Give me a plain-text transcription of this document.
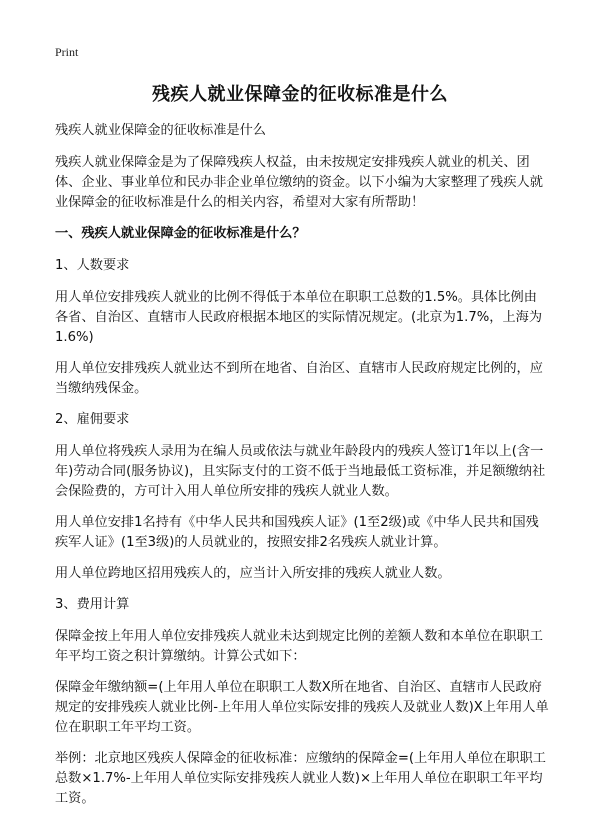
Print
残疾人就业保障金的征收标准是什么

残疾人就业保障金的征收标准是什么

残疾人就业保障金是为了保障残疾人权益，由未按规定安排残疾人就业的机关、团体、企业、事业单位和民办非企业单位缴纳的资金。以下小编为大家整理了残疾人就业保障金的征收标准是什么的相关内容，希望对大家有所帮助！

一、残疾人就业保障金的征收标准是什么？

1、人数要求

用人单位安排残疾人就业的比例不得低于本单位在职职工总数的1.5%。具体比例由各省、自治区、直辖市人民政府根据本地区的实际情况规定。(北京为1.7%，上海为1.6%)

用人单位安排残疾人就业达不到所在地省、自治区、直辖市人民政府规定比例的，应当缴纳残保金。

2、雇佣要求

用人单位将残疾人录用为在编人员或依法与就业年龄段内的残疾人签订1年以上(含一年)劳动合同(服务协议)，且实际支付的工资不低于当地最低工资标准，并足额缴纳社会保险费的，方可计入用人单位所安排的残疾人就业人数。

用人单位安排1名持有《中华人民共和国残疾人证》(1至2级)或《中华人民共和国残疾军人证》(1至3级)的人员就业的，按照安排2名残疾人就业计算。

用人单位跨地区招用残疾人的，应当计入所安排的残疾人就业人数。

3、费用计算

保障金按上年用人单位安排残疾人就业未达到规定比例的差额人数和本单位在职职工年平均工资之积计算缴纳。计算公式如下：

保障金年缴纳额=(上年用人单位在职职工人数X所在地省、自治区、直辖市人民政府规定的安排残疾人就业比例-上年用人单位实际安排的残疾人及就业人数)X上年用人单位在职职工年平均工资。

举例：北京地区残疾人保障金的征收标准：应缴纳的保障金=(上年用人单位在职职工总数×1.7%-上年用人单位实际安排残疾人就业人数)×上年用人单位在职职工年平均工资。
